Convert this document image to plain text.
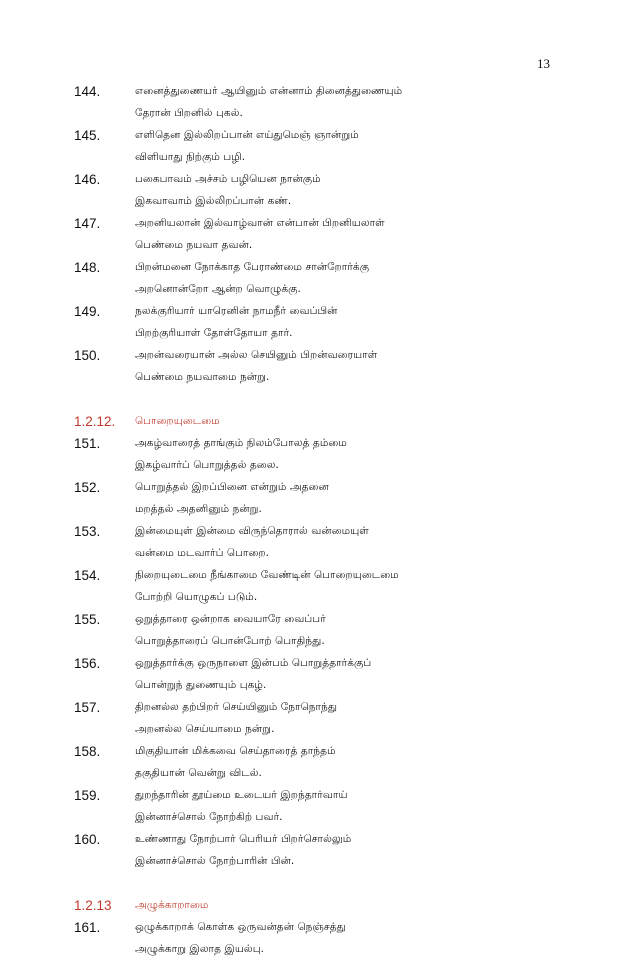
13
144.	எனைத்துணையர் ஆயினும் என்னாம் தினைத்துணையும்
தேரான் பிறனில் புகல்.
145.	எளிதென இல்லிறப்பான் எய்துமெஞ் ஞான்றும்
விளியாது நிற்கும் பழி.
146.	பகைபாவம் அச்சம் பழியென நான்கும்
இகவாவாம் இல்லிறப்பான் கண்.
147.	அறனியலான் இல்வாழ்வான் என்பான் பிறனியலாள்
பெண்மை நயவா தவன்.
148.	பிறன்மனை நோக்காத பேராண்மை சான்றோர்க்கு
அறனொன்றோ ஆன்ற வொழுக்கு.
149.	நலக்குரியார் யாரெனின் நாமநீர் வைப்பின்
பிறற்குரியாள் தோள்தோயா தார்.
150.	அறன்வரையான் அல்ல செயினும் பிறன்வரையாள்
பெண்மை நயவாமை நன்று.
1.2.12. பொறையுடைமை
151.	அகழ்வாரைத் தாங்கும் நிலம்போலத் தம்மை
இகழ்வார்ப் பொறுத்தல் தலை.
152.	பொறுத்தல் இறப்பினை என்றும் அதனை
மறத்தல் அதனினும் நன்று.
153.	இன்மையுள் இன்மை விருந்தொரால் வன்மையுள்
வன்மை மடவார்ப் பொறை.
154.	நிறையுடைமை நீங்காமை வேண்டின் பொறையுடைமை
போற்றி யொழுகப் படும்.
155.	ஒறுத்தாரை ஒன்றாக வையாரே வைப்பர்
பொறுத்தாரைப் பொன்போற் பொதிந்து.
156.	ஒறுத்தார்க்கு ஒருநாளை இன்பம் பொறுத்தார்க்குப்
பொன்றுந் துணையும் புகழ்.
157.	திறனல்ல தற்பிறர் செய்யினும் நோநொந்து
அறனல்ல செய்யாமை நன்று.
158.	மிகுதியான் மிக்கவை செய்தாரைத் தாந்தம்
தகுதியான் வென்று விடல்.
159.	துறந்தாரின் தூய்மை உடையர் இறந்தார்வாய்
இன்னாச்சொல் நோற்கிற் பவர்.
160.	உண்ணாது நோற்பார் பெரியர் பிறர்சொல்லும்
இன்னாச்சொல் நோற்பாரின் பின்.
1.2.13 அழுக்காறாமை
161.	ஒழுக்காறாக் கொள்க ஒருவன்தன் நெஞ்சத்து
அழுக்காறு இலாத இயல்பு.
